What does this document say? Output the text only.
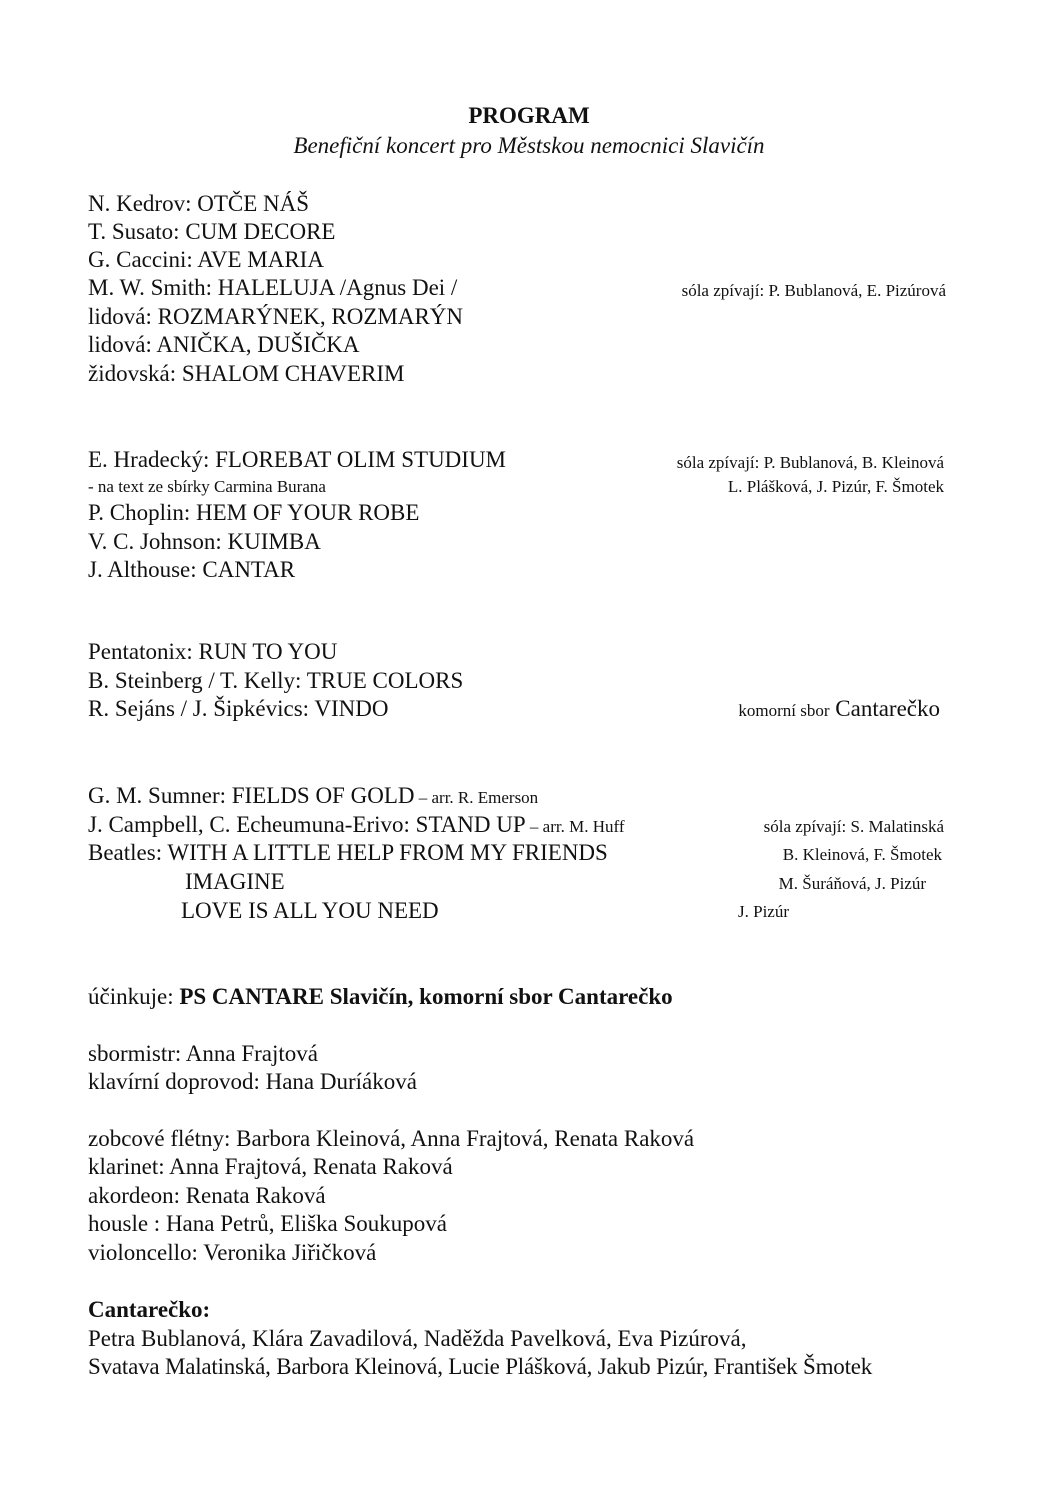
PROGRAM
Benefiční koncert pro Městskou nemocnici Slavičín
N. Kedrov: OTČE NÁŠ
T. Susato: CUM DECORE
G. Caccini: AVE MARIA
M. W. Smith: HALELUJA /Agnus Dei /	sóla zpívají: P. Bublanová, E. Pizúrová
lidová: ROZMARÝNEK, ROZMARÝN
lidová: ANIČKA, DUŠIČKA
židovská: SHALOM CHAVERIM
E. Hradecký: FLOREBAT OLIM STUDIUM	sóla zpívají: P. Bublanová, B. Kleinová
- na text ze sbírky Carmina Burana	L. Plášková, J. Pizúr, F. Šmotek
P. Choplin: HEM OF YOUR ROBE
V. C. Johnson: KUIMBA
J. Althouse: CANTAR
Pentatonix: RUN TO YOU
B. Steinberg / T. Kelly: TRUE COLORS
R. Sejáns / J. Šipkévics: VINDO	komorní sbor Cantarečko
G. M. Sumner: FIELDS OF GOLD – arr. R. Emerson
J. Campbell, C. Echeumuna-Erivo: STAND UP – arr. M. Huff	sóla zpívají: S. Malatinská
Beatles: WITH A LITTLE HELP FROM MY FRIENDS	B. Kleinová, F. Šmotek
IMAGINE	M. Šuráňová, J. Pizúr
LOVE IS ALL YOU NEED	J. Pizúr
účinkuje: PS CANTARE Slavičín, komorní sbor Cantarečko
sbormistr: Anna Frajtová
klavírní doprovod: Hana Duríáková
zobcové flétny: Barbora Kleinová, Anna Frajtová, Renata Raková
klarinet: Anna Frajtová, Renata Raková
akordeon: Renata Raková
housle : Hana Petrů, Eliška Soukupová
violoncello: Veronika Jiřičková
Cantarečko:
Petra Bublanová, Klára Zavadilová, Naděžda Pavelková, Eva Pizúrová,
Svatava Malatinská, Barbora Kleinová, Lucie Plášková, Jakub Pizúr, František Šmotek
